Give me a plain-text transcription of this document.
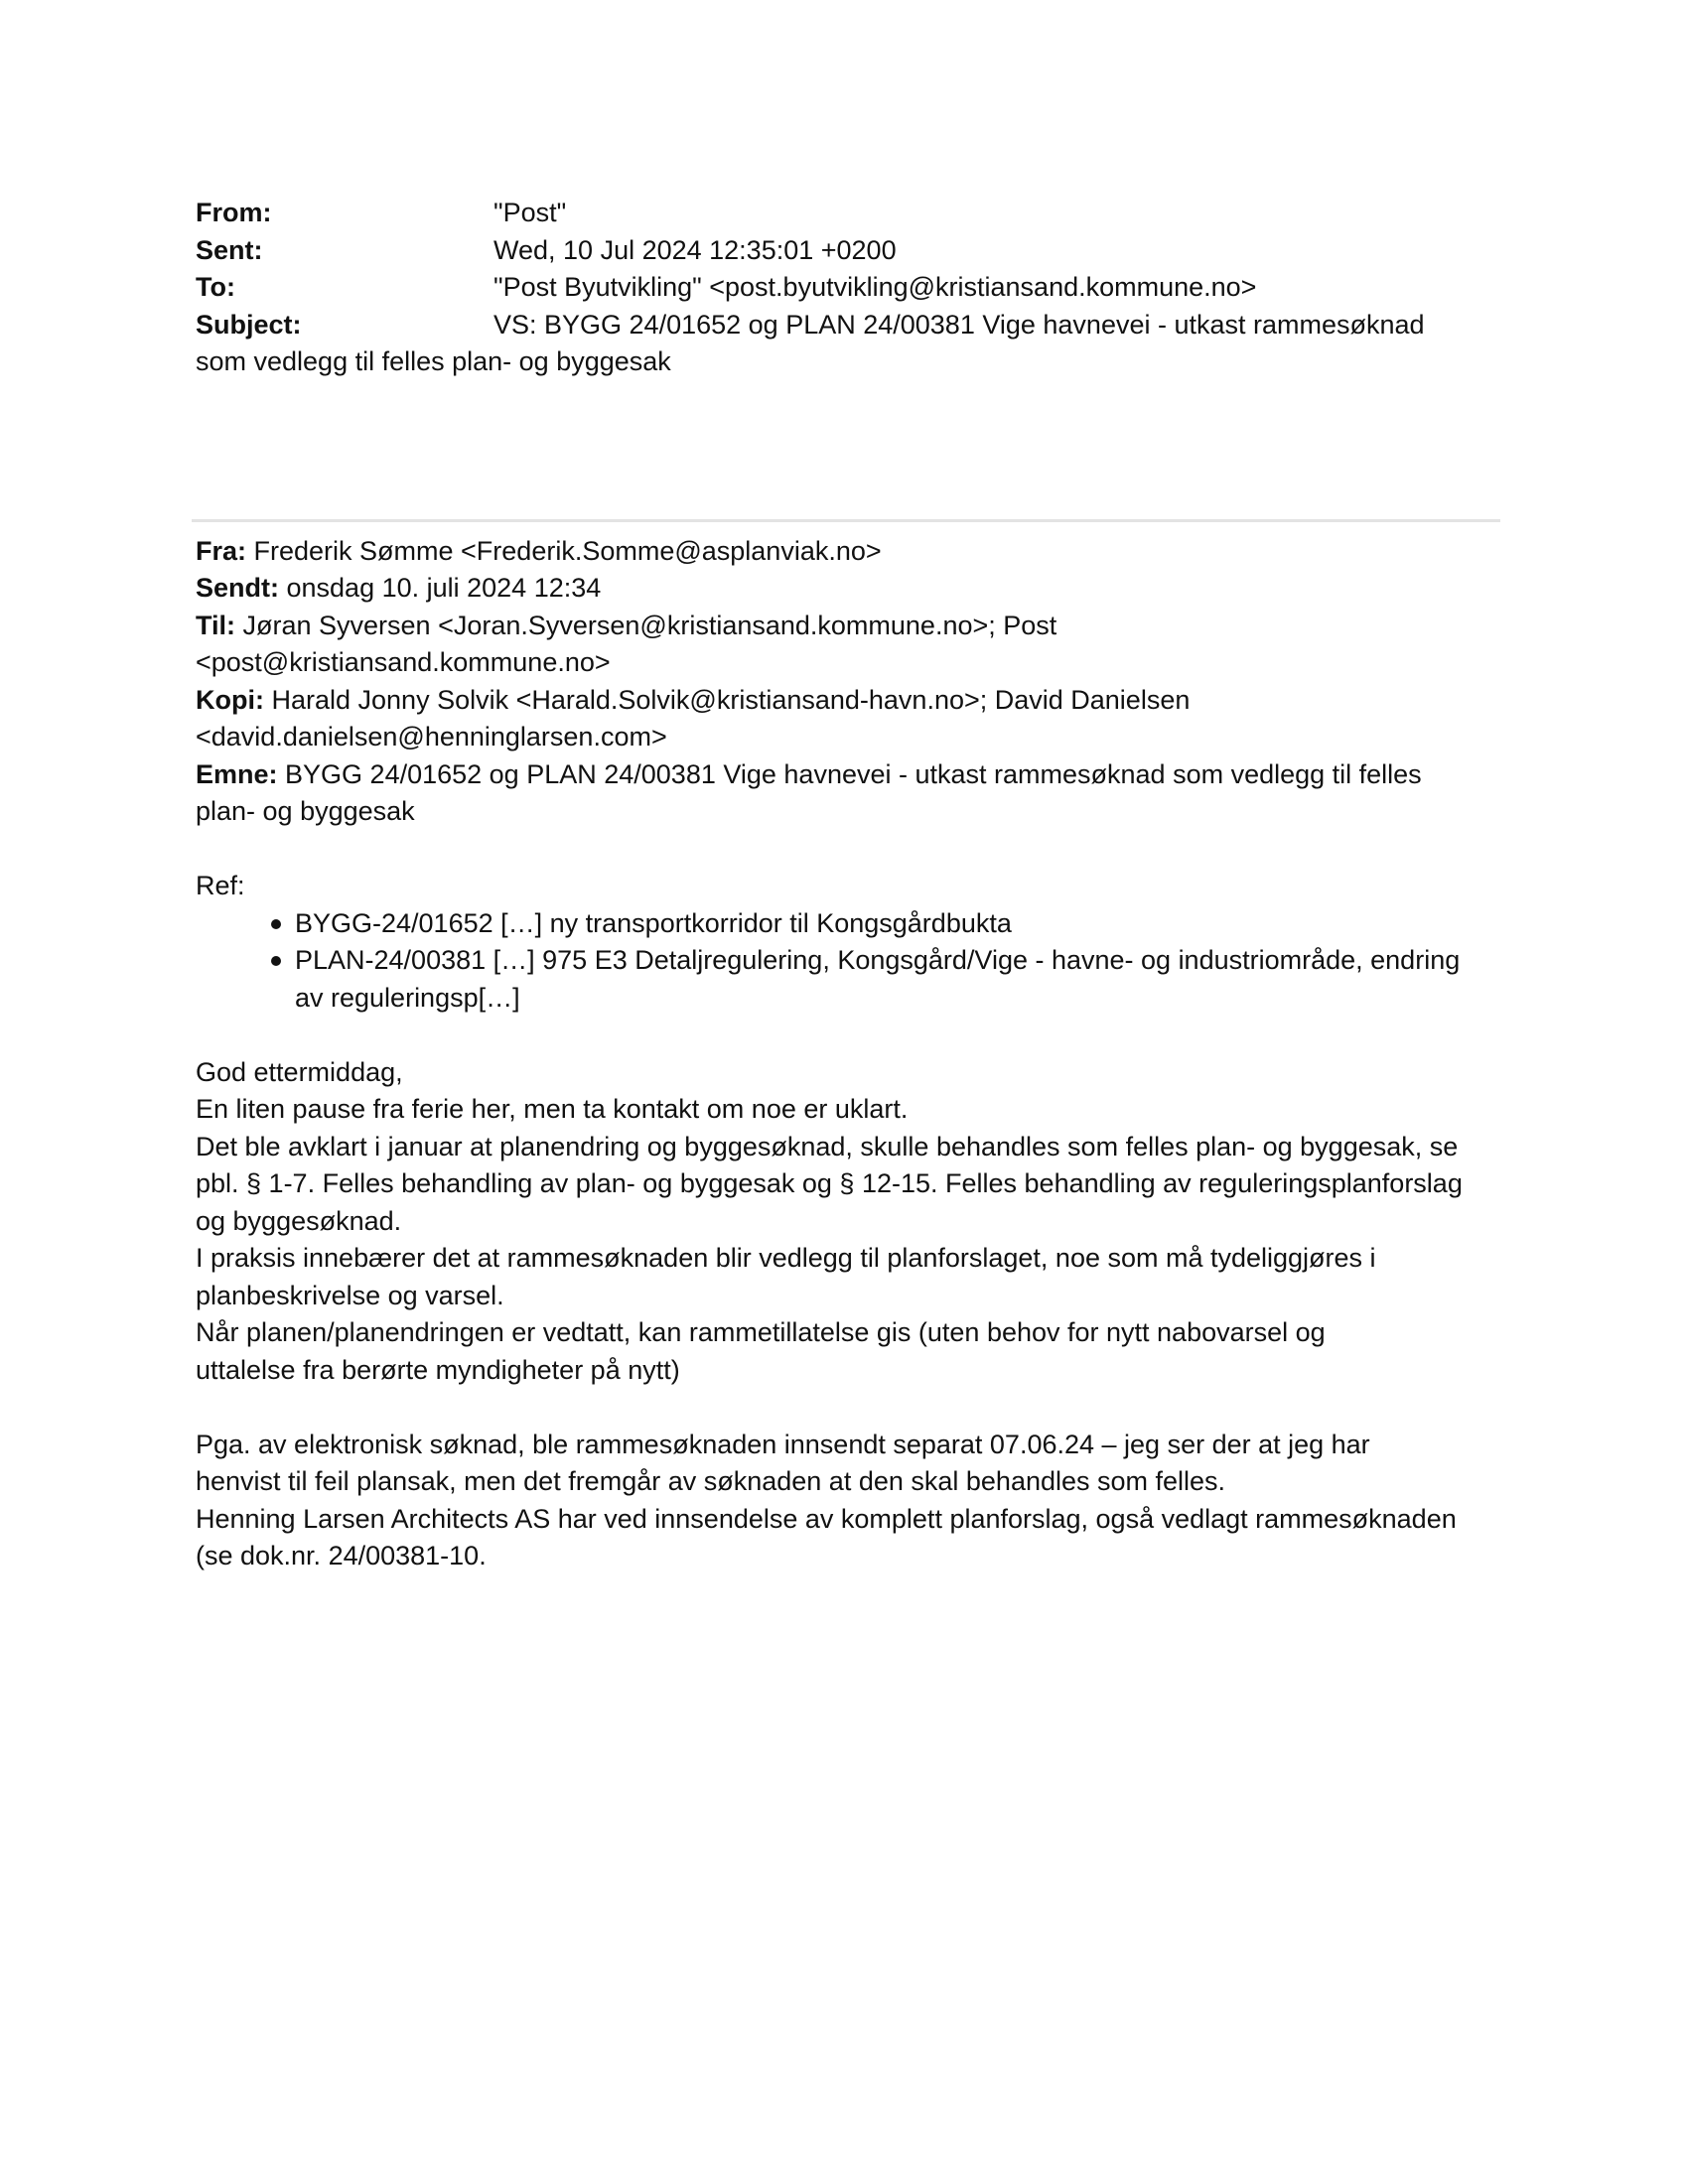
From:	"Post"
Sent:	Wed, 10 Jul 2024 12:35:01 +0200
To:	"Post Byutvikling" <post.byutvikling@kristiansand.kommune.no>
Subject:	VS: BYGG 24/01652 og PLAN 24/00381 Vige havnevei - utkast rammesøknad
som vedlegg til felles plan- og byggesak
Fra: Frederik Sømme <Frederik.Somme@asplanviak.no>
Sendt: onsdag 10. juli 2024 12:34
Til: Jøran Syversen <Joran.Syversen@kristiansand.kommune.no>; Post
<post@kristiansand.kommune.no>
Kopi: Harald Jonny Solvik <Harald.Solvik@kristiansand-havn.no>; David Danielsen
<david.danielsen@henninglarsen.com>
Emne: BYGG 24/01652 og PLAN 24/00381 Vige havnevei - utkast rammesøknad som vedlegg til felles
plan- og byggesak
Ref:
BYGG-24/01652 […] ny transportkorridor til Kongsgårdbukta
PLAN-24/00381 […] 975 E3 Detaljregulering, Kongsgård/Vige - havne- og industriområde, endring
av reguleringsp[…]
God ettermiddag,
En liten pause fra ferie her, men ta kontakt om noe er uklart.
Det ble avklart i januar at planendring og byggesøknad, skulle behandles som felles plan- og byggesak, se
pbl. § 1-7. Felles behandling av plan- og byggesak og § 12-15. Felles behandling av reguleringsplanforslag
og byggesøknad.
I praksis innebærer det at rammesøknaden blir vedlegg til planforslaget, noe som må tydeliggjøres i
planbeskrivelse og varsel.
Når planen/planendringen er vedtatt, kan rammetillatelse gis (uten behov for nytt nabovarsel og
uttalelse fra berørte myndigheter på nytt)
Pga. av elektronisk søknad, ble rammesøknaden innsendt separat 07.06.24 – jeg ser der at jeg har
henvist til feil plansak, men det fremgår av søknaden at den skal behandles som felles.
Henning Larsen Architects AS har ved innsendelse av komplett planforslag, også vedlagt rammesøknaden
(se dok.nr. 24/00381-10.
